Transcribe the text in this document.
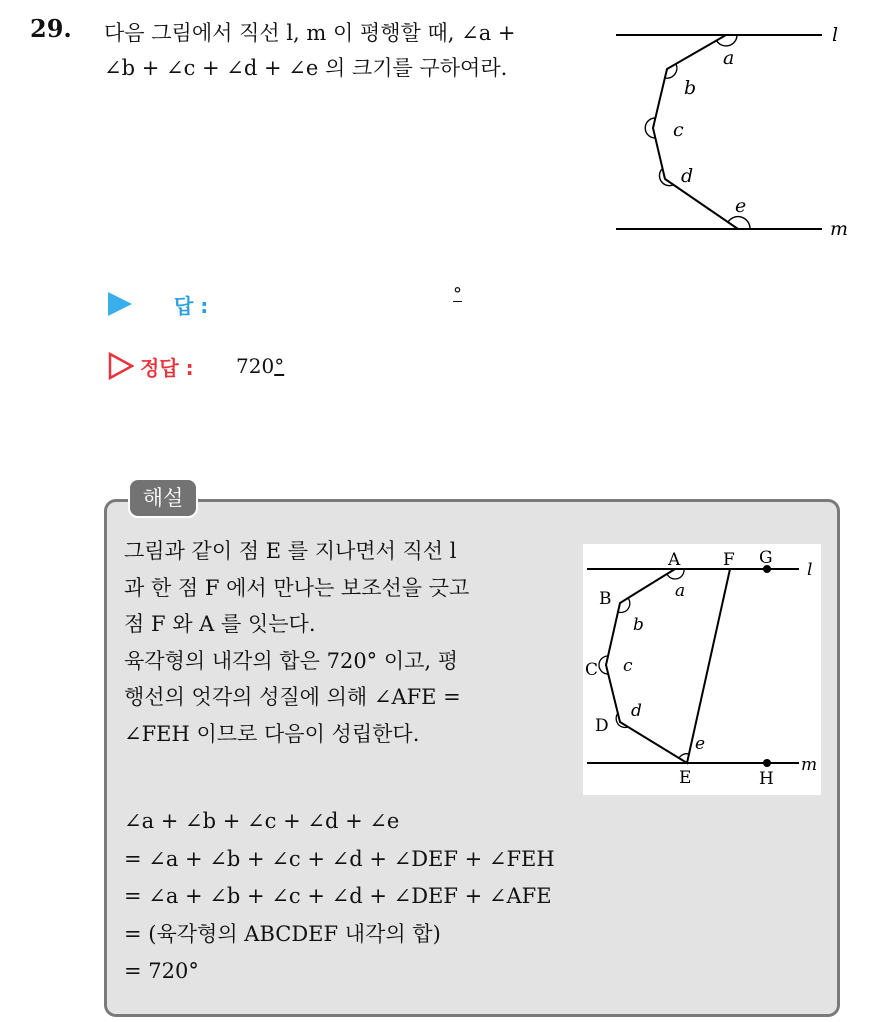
29. 다음 그림에서 직선 l, m 이 평행할 때, ∠a +
∠b + ∠c + ∠d + ∠e 의 크기를 구하여라.
l
m
a
b
c
d
e
답 :	°
정답 : 720°
해설
그림과 같이 점 E 를 지나면서 직선 l
과 한 점 F 에서 만나는 보조선을 긋고
점 F 와 A 를 잇는다.
육각형의 내각의 합은 720° 이고, 평
행선의 엇각의 성질에 의해 ∠AFE =
∠FEH 이므로 다음이 성립한다.
A	F G
B
C
D
E	H
l
m
a
b
c
d
e
∠a + ∠b + ∠c + ∠d + ∠e
= ∠a + ∠b + ∠c + ∠d + ∠DEF + ∠FEH
= ∠a + ∠b + ∠c + ∠d + ∠DEF + ∠AFE
= (육각형의 ABCDEF 내각의 합)
= 720°
